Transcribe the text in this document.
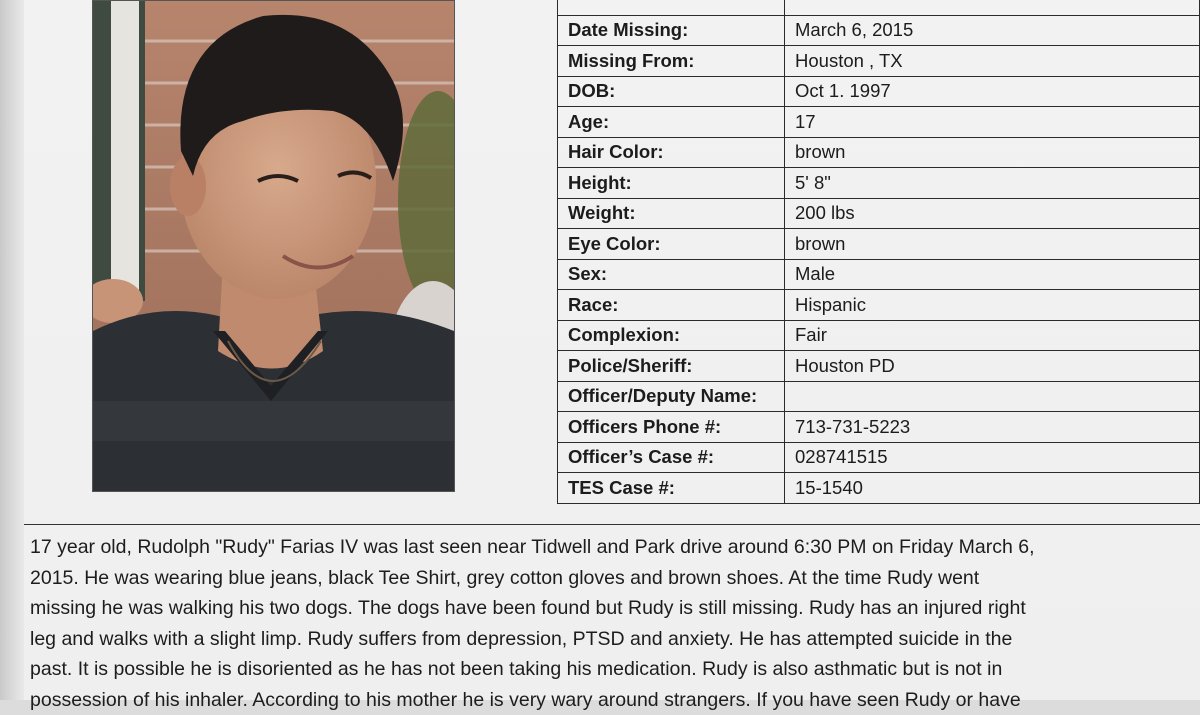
Date Missing:	March 6, 2015
Missing From:	Houston , TX
DOB:	Oct 1. 1997
Age:	17
Hair Color:	brown
Height:	5' 8"
Weight:	200 lbs
Eye Color:	brown
Sex:	Male
Race:	Hispanic
Complexion:	Fair
Police/Sheriff:	Houston PD
Officer/Deputy Name:	
Officers Phone #:	713-731-5223
Officer’s Case #:	028741515
TES Case #:	15-1540
17 year old, Rudolph "Rudy" Farias IV was last seen near Tidwell and Park drive around 6:30 PM on Friday March 6,
2015. He was wearing blue jeans, black Tee Shirt, grey cotton gloves and brown shoes. At the time Rudy went
missing he was walking his two dogs. The dogs have been found but Rudy is still missing. Rudy has an injured right
leg and walks with a slight limp. Rudy suffers from depression, PTSD and anxiety. He has attempted suicide in the
past. It is possible he is disoriented as he has not been taking his medication. Rudy is also asthmatic but is not in
possession of his inhaler. According to his mother he is very wary around strangers. If you have seen Rudy or have
